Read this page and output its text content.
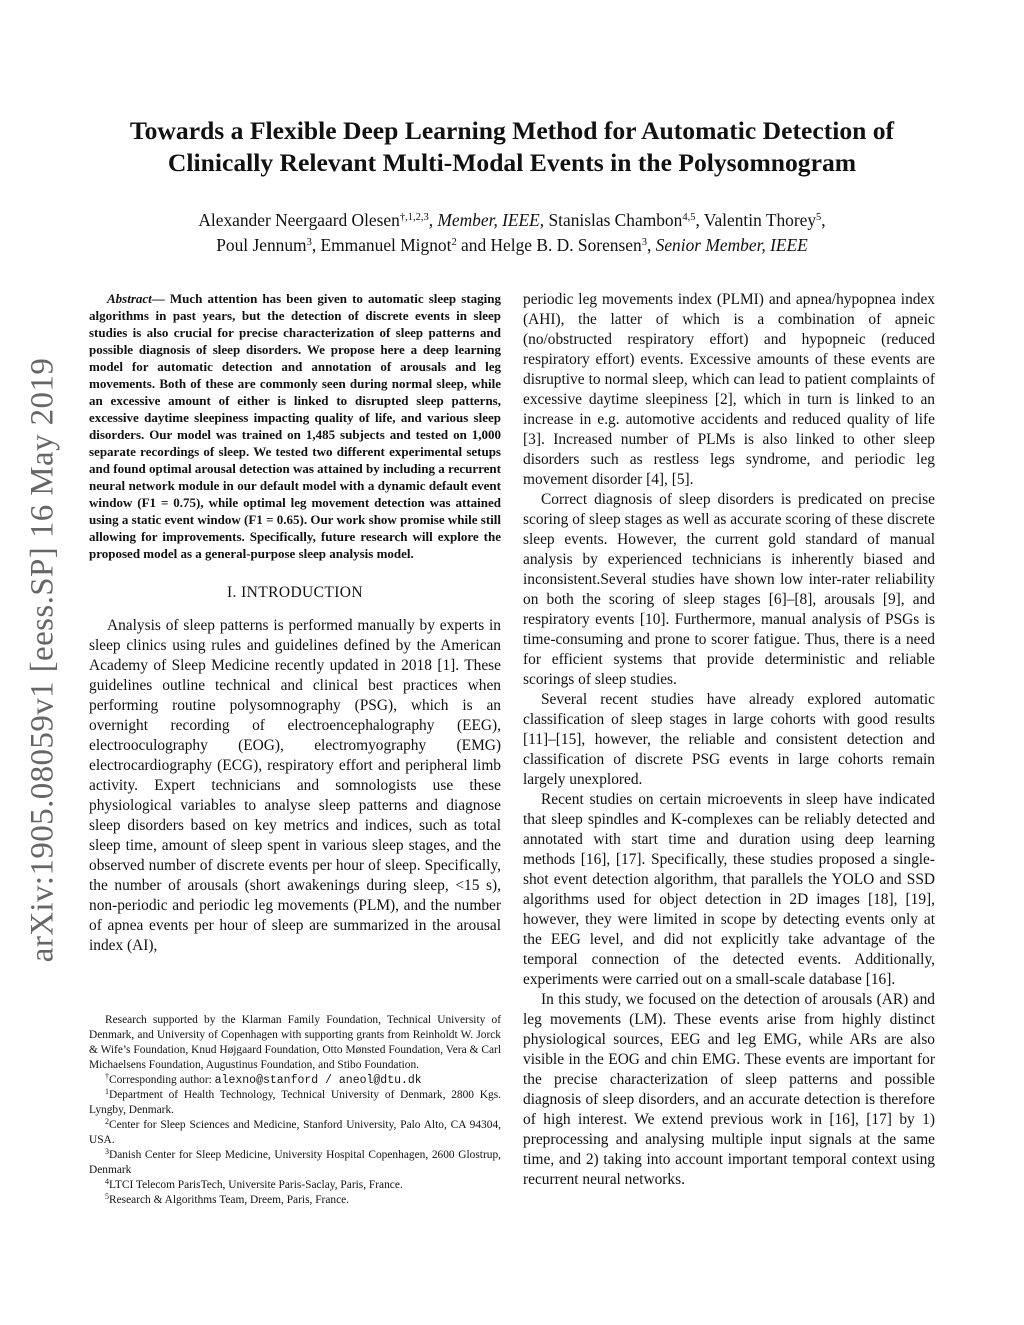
Towards a Flexible Deep Learning Method for Automatic Detection of
Clinically Relevant Multi-Modal Events in the Polysomnogram
Alexander Neergaard Olesen$^{\dagger,1,2,3}$, Member, IEEE, Stanislas Chambon$^{4,5}$, Valentin Thorey$^5$,
Poul Jennum$^3$, Emmanuel Mignot$^2$ and Helge B. D. Sorensen$^3$, Senior Member, IEEE
arXiv:1905.08059v1 [eess.SP] 16 May 2019

Abstract— Much attention has been given to automatic sleep staging algorithms in past years, but the detection of discrete events in sleep studies is also crucial for precise characterization of sleep patterns and possible diagnosis of sleep disorders. We propose here a deep learning model for automatic detection and annotation of arousals and leg movements. Both of these are commonly seen during normal sleep, while an excessive amount of either is linked to disrupted sleep patterns, excessive daytime sleepiness impacting quality of life, and various sleep disorders. Our model was trained on 1,485 subjects and tested on 1,000 separate recordings of sleep. We tested two different experimental setups and found optimal arousal detection was attained by including a recurrent neural network module in our default model with a dynamic default event window (F1 = 0.75), while optimal leg movement detection was attained using a static event window (F1 = 0.65). Our work show promise while still allowing for improvements. Specifically, future research will explore the proposed model as a general-purpose sleep analysis model.

I. INTRODUCTION

Analysis of sleep patterns is performed manually by experts in sleep clinics using rules and guidelines defined by the American Academy of Sleep Medicine recently updated in 2018 [1]. These guidelines outline technical and clinical best practices when performing routine polysomnography (PSG), which is an overnight recording of electroencephalography (EEG), electrooculography (EOG), electromyography (EMG) electrocardiography (ECG), respiratory effort and peripheral limb activity. Expert technicians and somnologists use these physiological variables to analyse sleep patterns and diagnose sleep disorders based on key metrics and indices, such as total sleep time, amount of sleep spent in various sleep stages, and the observed number of discrete events per hour of sleep. Specifically, the number of arousals (short awakenings during sleep, <15 s), non-periodic and periodic leg movements (PLM), and the number of apnea events per hour of sleep are summarized in the arousal index (AI),

Research supported by the Klarman Family Foundation, Technical University of Denmark, and University of Copenhagen with supporting grants from Reinholdt W. Jorck & Wife’s Foundation, Knud Højgaard Foundation, Otto Mønsted Foundation, Vera & Carl Michaelsens Foundation, Augustinus Foundation, and Stibo Foundation.

†Corresponding author: alexno@stanford / aneol@dtu.dk

$^1$Department of Health Technology, Technical University of Denmark, 2800 Kgs. Lyngby, Denmark.

$^2$Center for Sleep Sciences and Medicine, Stanford University, Palo Alto, CA 94304, USA.

$^3$Danish Center for Sleep Medicine, University Hospital Copenhagen, 2600 Glostrup, Denmark

$^4$LTCI Telecom ParisTech, Universite Paris-Saclay, Paris, France.

$^5$Research & Algorithms Team, Dreem, Paris, France.

periodic leg movements index (PLMI) and apnea/hypopnea index (AHI), the latter of which is a combination of apneic (no/obstructed respiratory effort) and hypopneic (reduced respiratory effort) events. Excessive amounts of these events are disruptive to normal sleep, which can lead to patient complaints of excessive daytime sleepiness [2], which in turn is linked to an increase in e.g. automotive accidents and reduced quality of life [3]. Increased number of PLMs is also linked to other sleep disorders such as restless legs syndrome, and periodic leg movement disorder [4], [5].

Correct diagnosis of sleep disorders is predicated on precise scoring of sleep stages as well as accurate scoring of these discrete sleep events. However, the current gold standard of manual analysis by experienced technicians is inherently biased and inconsistent.Several studies have shown low inter-rater reliability on both the scoring of sleep stages [6]–[8], arousals [9], and respiratory events [10]. Furthermore, manual analysis of PSGs is time-consuming and prone to scorer fatigue. Thus, there is a need for efficient systems that provide deterministic and reliable scorings of sleep studies.

Several recent studies have already explored automatic classification of sleep stages in large cohorts with good results [11]–[15], however, the reliable and consistent detection and classification of discrete PSG events in large cohorts remain largely unexplored.

Recent studies on certain microevents in sleep have indicated that sleep spindles and K-complexes can be reliably detected and annotated with start time and duration using deep learning methods [16], [17]. Specifically, these studies proposed a single-shot event detection algorithm, that parallels the YOLO and SSD algorithms used for object detection in 2D images [18], [19], however, they were limited in scope by detecting events only at the EEG level, and did not explicitly take advantage of the temporal connection of the detected events. Additionally, experiments were carried out on a small-scale database [16].

In this study, we focused on the detection of arousals (AR) and leg movements (LM). These events arise from highly distinct physiological sources, EEG and leg EMG, while ARs are also visible in the EOG and chin EMG. These events are important for the precise characterization of sleep patterns and possible diagnosis of sleep disorders, and an accurate detection is therefore of high interest. We extend previous work in [16], [17] by 1) preprocessing and analysing multiple input signals at the same time, and 2) taking into account important temporal context using recurrent neural networks.
